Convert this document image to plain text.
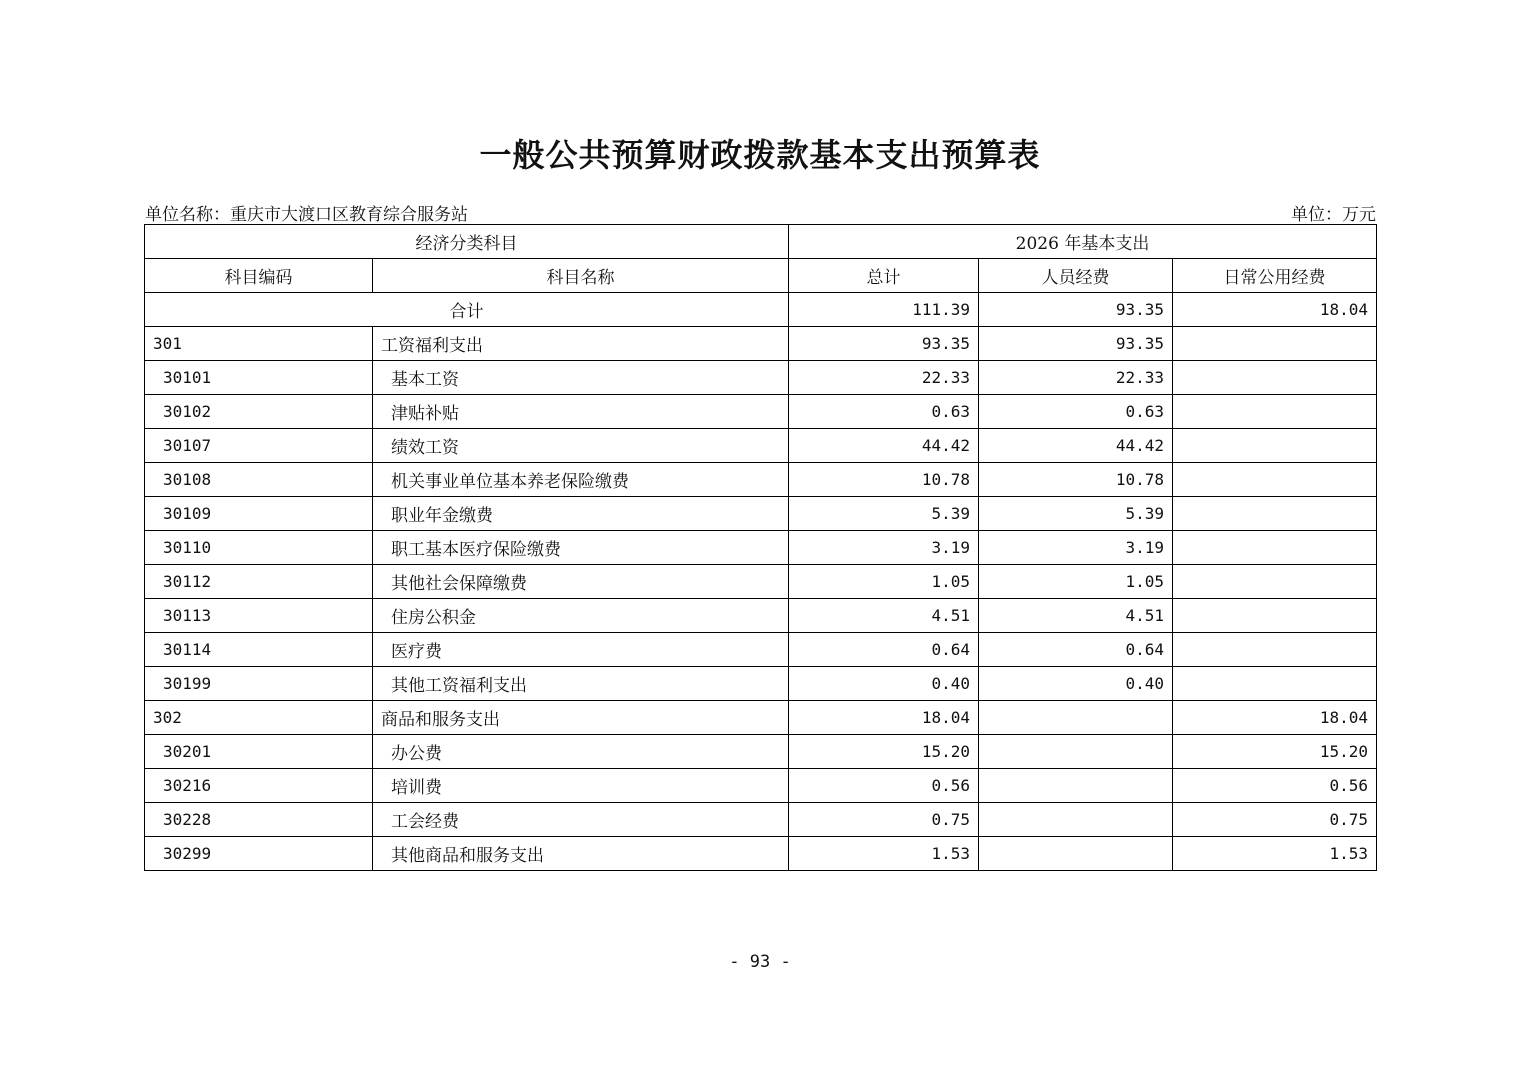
一般公共预算财政拨款基本支出预算表
单位名称：重庆市大渡口区教育综合服务站	单位：万元
经济分类科目		2026 年基本支出		
科目编码	科目名称	总计	人员经费	日常公用经费
合计		111.39	93.35	18.04
301	工资福利支出	93.35	93.35	
30101	基本工资	22.33	22.33	
30102	津贴补贴	0.63	0.63	
30107	绩效工资	44.42	44.42	
30108	机关事业单位基本养老保险缴费	10.78	10.78	
30109	职业年金缴费	5.39	5.39	
30110	职工基本医疗保险缴费	3.19	3.19	
30112	其他社会保障缴费	1.05	1.05	
30113	住房公积金	4.51	4.51	
30114	医疗费	0.64	0.64	
30199	其他工资福利支出	0.40	0.40	
302	商品和服务支出	18.04		18.04
30201	办公费	15.20		15.20
30216	培训费	0.56		0.56
30228	工会经费	0.75		0.75
30299	其他商品和服务支出	1.53		1.53
- 93 -
